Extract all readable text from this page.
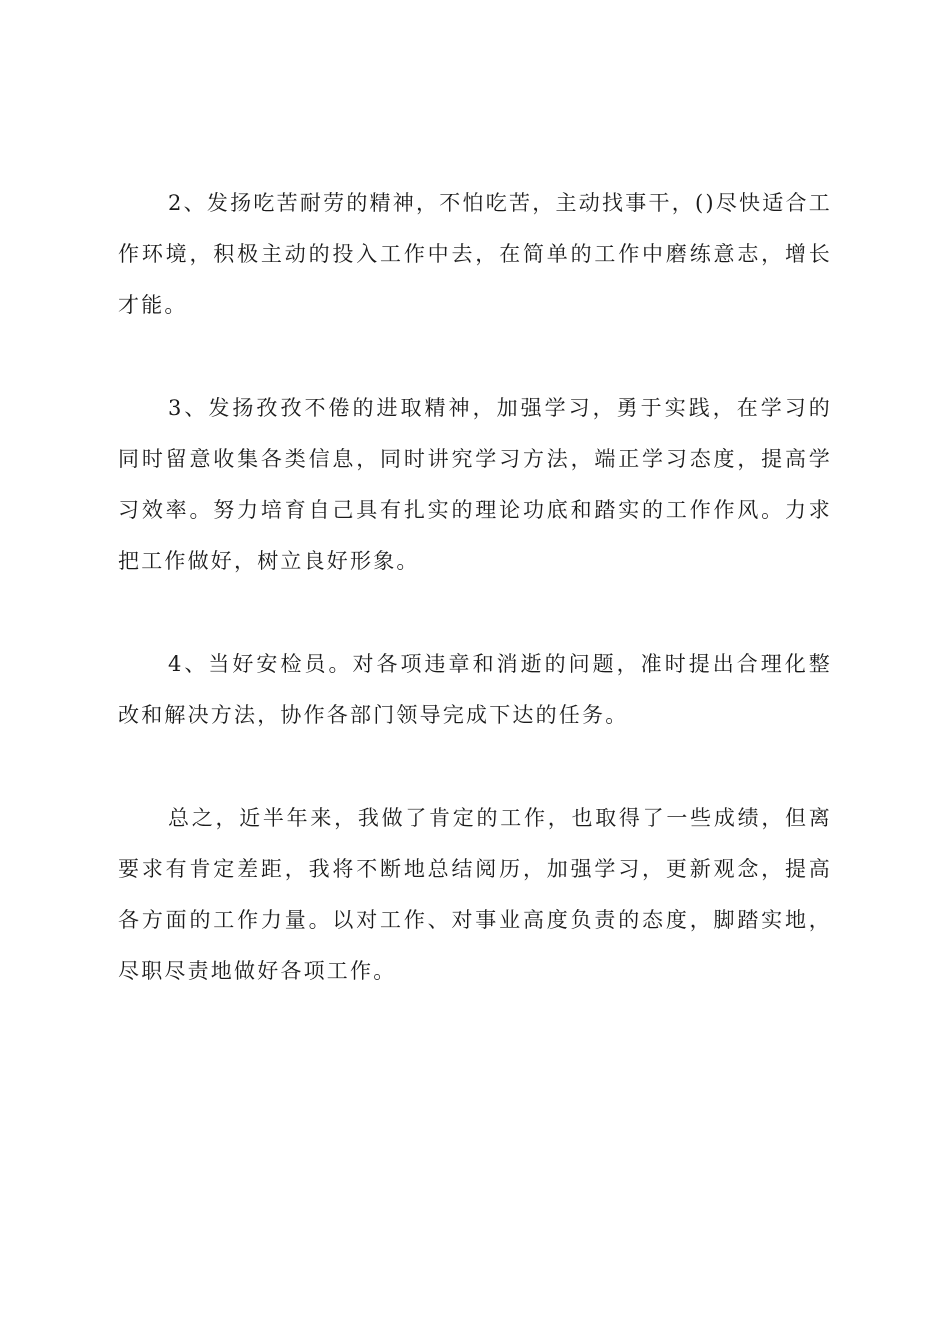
2、发扬吃苦耐劳的精神，不怕吃苦，主动找事干，()尽快适合工作环境，积极主动的投入工作中去，在简单的工作中磨练意志，增长才能。

3、发扬孜孜不倦的进取精神，加强学习，勇于实践，在学习的同时留意收集各类信息，同时讲究学习方法，端正学习态度，提高学习效率。努力培育自己具有扎实的理论功底和踏实的工作作风。力求把工作做好，树立良好形象。

4、当好安检员。对各项违章和消逝的问题，准时提出合理化整改和解决方法，协作各部门领导完成下达的任务。

总之，近半年来，我做了肯定的工作，也取得了一些成绩，但离要求有肯定差距，我将不断地总结阅历，加强学习，更新观念，提高各方面的工作力量。以对工作、对事业高度负责的态度，脚踏实地，尽职尽责地做好各项工作。
